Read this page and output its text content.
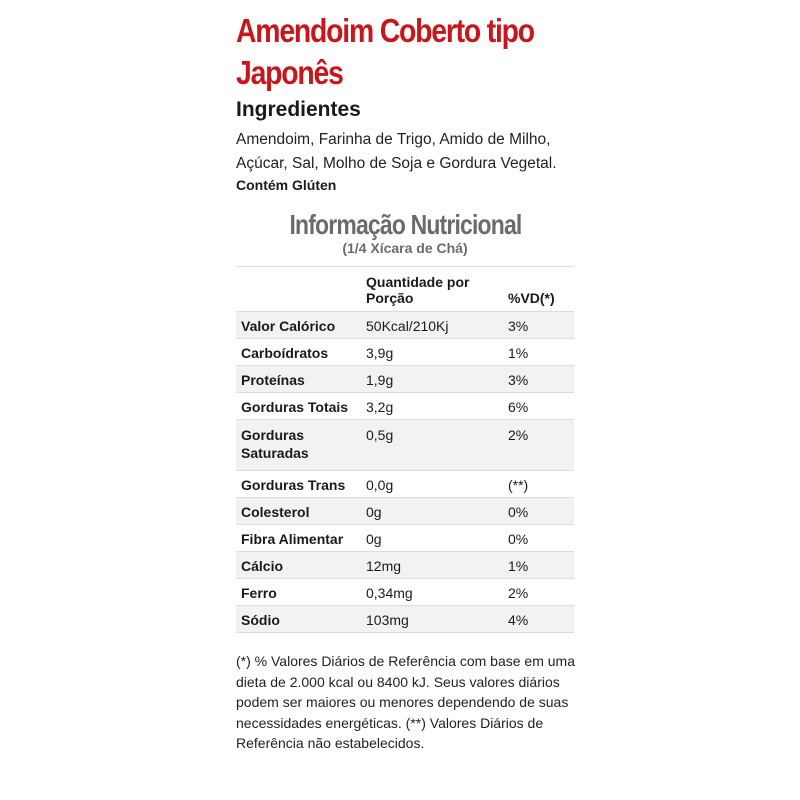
Amendoim Coberto tipo Japonês
Ingredientes

Amendoim, Farinha de Trigo, Amido de Milho, Açúcar, Sal, Molho de Soja e Gordura Vegetal.

Contém Glúten
Informação Nutricional
(1/4 Xícara de Chá)
	Quantidade por Porção	%VD(*)
Valor Calórico	50Kcal/210Kj	3%
Carboídratos	3,9g	1%
Proteínas	1,9g	3%
Gorduras Totais	3,2g	6%
Gorduras Saturadas	0,5g	2%
Gorduras Trans	0,0g	(**)
Colesterol	0g	0%
Fibra Alimentar	0g	0%
Cálcio	12mg	1%
Ferro	0,34mg	2%
Sódio	103mg	4%

(*) % Valores Diários de Referência com base em uma dieta de 2.000 kcal ou 8400 kJ. Seus valores diários podem ser maiores ou menores dependendo de suas necessidades energéticas. (**) Valores Diários de Referência não estabelecidos.
